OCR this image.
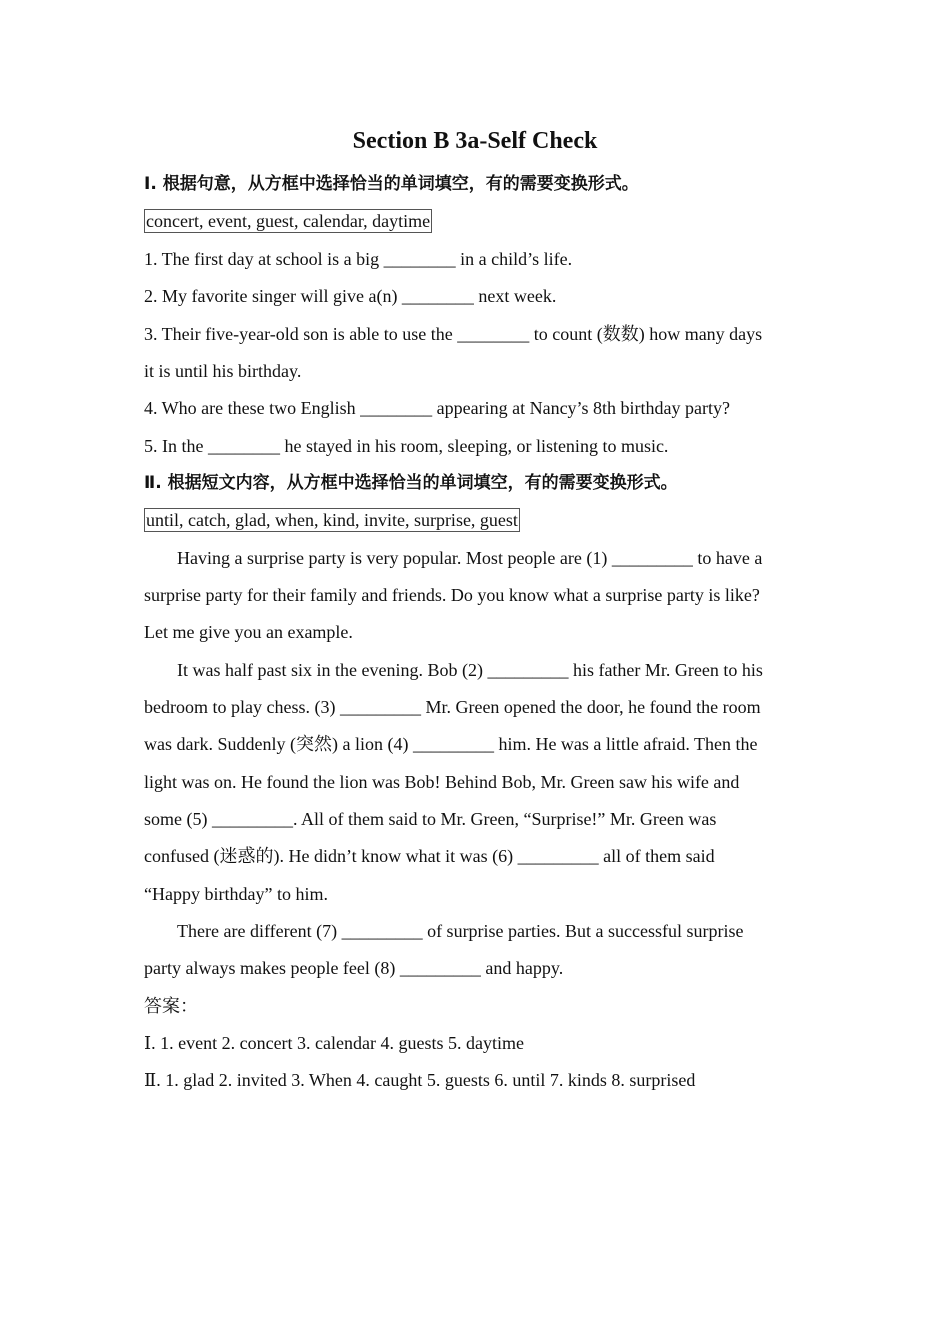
Section B 3a-Self Check
Ⅰ. 根据句意，从方框中选择恰当的单词填空，有的需要变换形式。
concert, event, guest, calendar, daytime
1. The first day at school is a big ________ in a child’s life.
2. My favorite singer will give a(n) ________ next week.
3. Their five-year-old son is able to use the ________ to count (数数) how many days
it is until his birthday.
4. Who are these two English ________ appearing at Nancy’s 8th birthday party?
5. In the ________ he stayed in his room, sleeping, or listening to music.
Ⅱ. 根据短文内容，从方框中选择恰当的单词填空，有的需要变换形式。
until, catch, glad, when, kind, invite, surprise, guest
Having a surprise party is very popular. Most people are (1) _________ to have a
surprise party for their family and friends. Do you know what a surprise party is like?
Let me give you an example.
It was half past six in the evening. Bob (2) _________ his father Mr. Green to his
bedroom to play chess. (3) _________ Mr. Green opened the door, he found the room
was dark. Suddenly (突然) a lion (4) _________ him. He was a little afraid. Then the
light was on. He found the lion was Bob! Behind Bob, Mr. Green saw his wife and
some (5) _________. All of them said to Mr. Green, “Surprise!” Mr. Green was
confused (迷惑的). He didn’t know what it was (6) _________ all of them said
“Happy birthday” to him.
There are different (7) _________ of surprise parties. But a successful surprise
party always makes people feel (8) _________ and happy.
答案：
Ⅰ. 1. event 2. concert 3. calendar 4. guests 5. daytime
Ⅱ. 1. glad 2. invited 3. When 4. caught 5. guests 6. until 7. kinds 8. surprised
